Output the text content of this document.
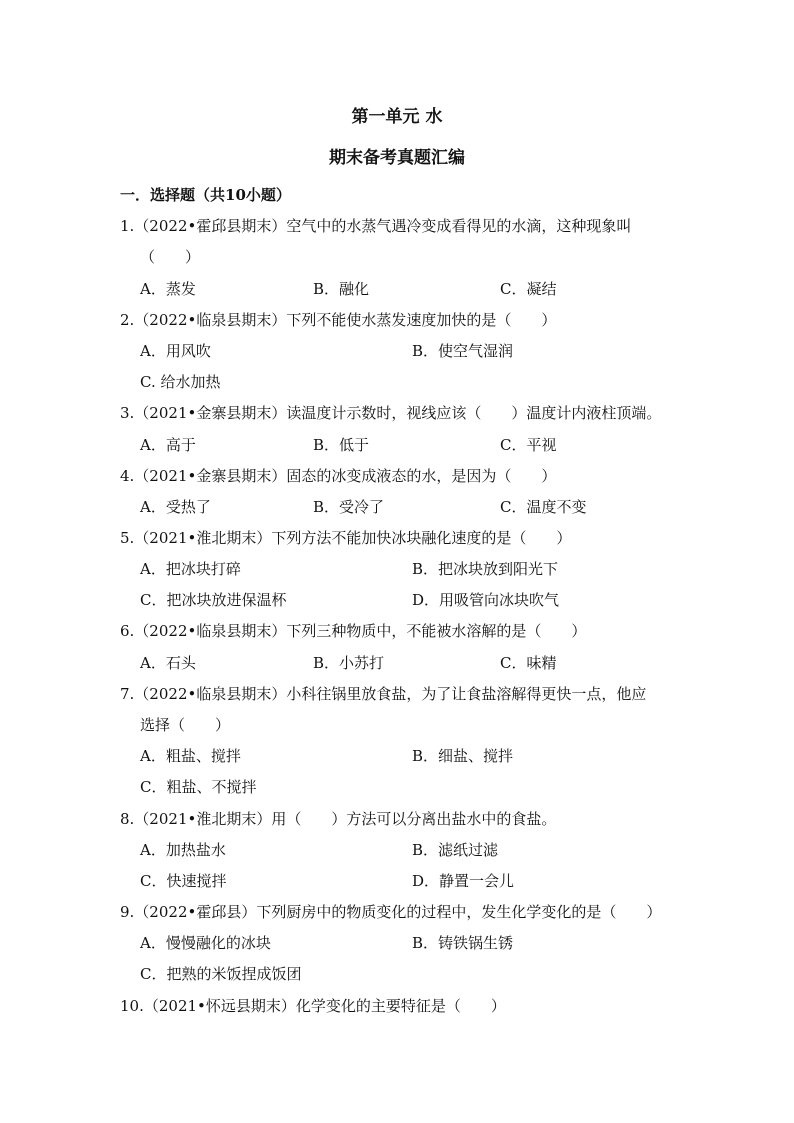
第一单元 水
期末备考真题汇编
一．选择题（共10小题）
1.（2022•霍邱县期末）空气中的水蒸气遇冷变成看得见的水滴，这种现象叫
（　　）
A．蒸发	B．融化	C．凝结
2.（2022•临泉县期末）下列不能使水蒸发速度加快的是（　　）
A．用风吹	B．使空气湿润
C. 给水加热
3.（2021•金寨县期末）读温度计示数时，视线应该（　　）温度计内液柱顶端。
A．高于	B．低于	C．平视
4.（2021•金寨县期末）固态的冰变成液态的水，是因为（　　）
A．受热了	B．受冷了	C．温度不变
5.（2021•淮北期末）下列方法不能加快冰块融化速度的是（　　）
A．把冰块打碎	B．把冰块放到阳光下
C．把冰块放进保温杯	D．用吸管向冰块吹气
6.（2022•临泉县期末）下列三种物质中，不能被水溶解的是（　　）
A．石头	B．小苏打	C．味精
7.（2022•临泉县期末）小科往锅里放食盐，为了让食盐溶解得更快一点，他应
选择（　　）
A．粗盐、搅拌	B．细盐、搅拌
C．粗盐、不搅拌
8.（2021•淮北期末）用（　　）方法可以分离出盐水中的食盐。
A．加热盐水	B．滤纸过滤
C．快速搅拌	D．静置一会儿
9.（2022•霍邱县）下列厨房中的物质变化的过程中，发生化学变化的是（　　）
A．慢慢融化的冰块	B．铸铁锅生锈
C．把熟的米饭捏成饭团
10.（2021•怀远县期末）化学变化的主要特征是（　　）
